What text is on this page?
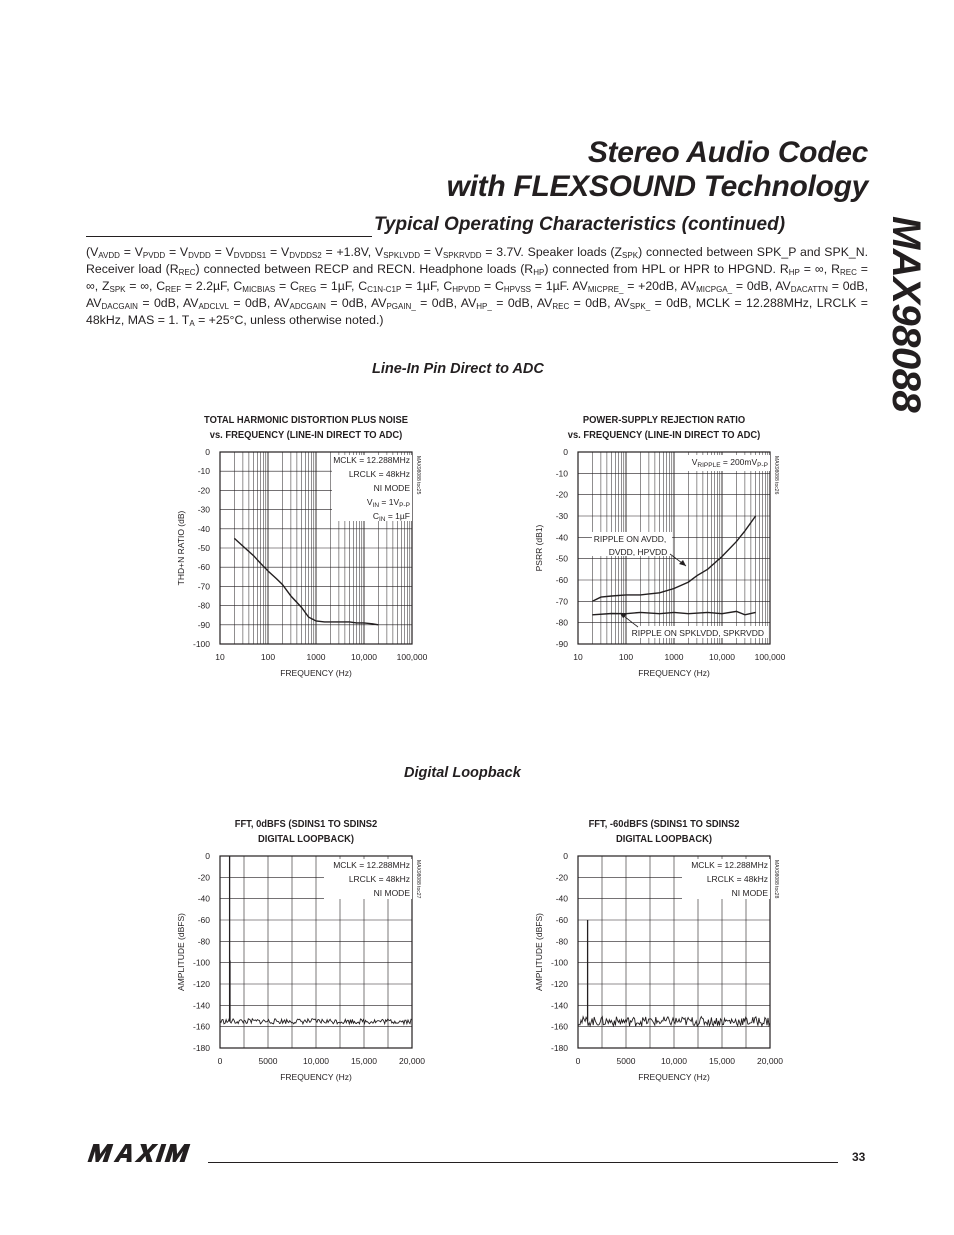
Stereo Audio Codec
with FLEXSOUND Technology
MAX98088
Typical Operating Characteristics (continued)
($V_{AVDD} = V_{PVDD} = V_{DVDD} = V_{DVDDS1} = V_{DVDDS2} = +1.8V$, $V_{SPKLVDD} = V_{SPKRVDD} = 3.7V$. Speaker loads $(Z_{SPK})$ connected between SPK_P and SPK_N. Receiver load $(R_{REC})$ connected between RECP and RECN. Headphone loads $(R_{HP})$ connected from HPL or HPR to HPGND. $R_{HP}$ = ∞, $R_{REC}$ = ∞, $Z_{SPK}$ = ∞, $C_{REF} = 2.2\mu F$, $C_{MICBIAS} = C_{REG} = 1\mu F$, $C_{C1N-C1P} = 1\mu F$, $C_{HPVDD} = C_{HPVSS} = 1\mu F$. $AV_{MICPRE\_} = +20dB$, $AV_{MICPGA\_} = 0dB$, $AV_{DACATTN} = 0dB$, $AV_{DACGAIN} = 0dB$, $AV_{ADCLVL} = 0dB$, $AV_{ADCGAIN} = 0dB$, $AV_{PGAIN\_} = 0dB$, $AV_{HP\_} = 0dB$, $AV_{REC} = 0dB$, $AV_{SPK\_} = 0dB$, MCLK = 12.288MHz, LRCLK = 48kHz, MAS = 1. $T_A = +25^\circ C$, unless otherwise noted.)
Line-In Pin Direct to ADC
Digital Loopback
TOTAL HARMONIC DISTORTION PLUS NOISE
vs. FREQUENCY (LINE-IN DIRECT TO ADC)
0
-10
-20
-30
-40
-50
-60
-70
-80
-90
-100
10	100	1000	10,000 100,000
FREQUENCY (Hz)
THD+N RATIO (dB)
MAX98088 toc25
MCLK = 12.288MHz
LRCLK = 48kHz
NI MODE
$V_{IN} = 1V_{P-P}$
$C_{IN} = 1\mu F$
POWER-SUPPLY REJECTION RATIO
vs. FREQUENCY (LINE-IN DIRECT TO ADC)
0
-10
-20
-30
-40
-50
-60
-70
-80
-90
10	100	1000	10,000 100,000
FREQUENCY (Hz)
PSRR (dB1)
MAX98088 toc26
$V_{RIPPLE} = 200mV_{P-P}$
RIPPLE ON AVDD, DVDD, HPVDD
RIPPLE ON SPKLVDD, SPKRVDD
FFT, 0dBFS (SDINS1 TO SDINS2
DIGITAL LOOPBACK)
0
-20
-40
-60
-80
-100
-120
-140
-160
-180
0	5000	10,000	15,000	20,000
FREQUENCY (Hz)
AMPLITUDE (dBFS)
MAX98088 toc27
MCLK = 12.288MHz
LRCLK = 48kHz
NI MODE
FFT, -60dBFS (SDINS1 TO SDINS2
DIGITAL LOOPBACK)
0
-20
-40
-60
-80
-100
-120
-140
-160
-180
0	5000	10,000	15,000	20,000
FREQUENCY (Hz)
AMPLITUDE (dBFS)
MAX98088 toc28
MCLK = 12.288MHz
LRCLK = 48kHz
NI MODE
MAXIM
33
